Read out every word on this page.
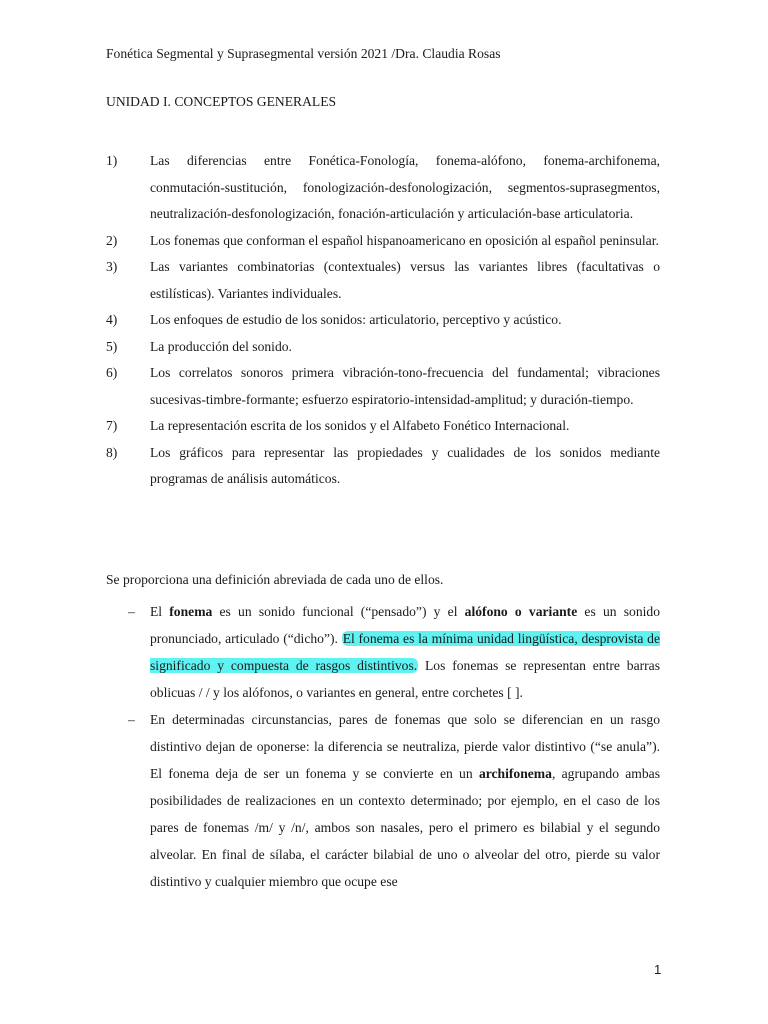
Fonética Segmental y Suprasegmental versión 2021 /Dra. Claudia Rosas
UNIDAD I. CONCEPTOS GENERALES
1) Las diferencias entre Fonética-Fonología, fonema-alófono, fonema-archifonema, conmutación-sustitución, fonologización-desfonologización, segmentos-suprasegmentos, neutralización-desfonologización, fonación-articulación y articulación-base articulatoria.
2) Los fonemas que conforman el español hispanoamericano en oposición al español peninsular.
3) Las variantes combinatorias (contextuales) versus las variantes libres (facultativas o estilísticas). Variantes individuales.
4) Los enfoques de estudio de los sonidos: articulatorio, perceptivo y acústico.
5) La producción del sonido.
6) Los correlatos sonoros primera vibración-tono-frecuencia del fundamental; vibraciones sucesivas-timbre-formante; esfuerzo espiratorio-intensidad-amplitud; y duración-tiempo.
7) La representación escrita de los sonidos y el Alfabeto Fonético Internacional.
8) Los gráficos para representar las propiedades y cualidades de los sonidos mediante programas de análisis automáticos.
Se proporciona una definición abreviada de cada uno de ellos.
– El fonema es un sonido funcional (“pensado”) y el alófono o variante es un sonido pronunciado, articulado (“dicho”). El fonema es la mínima unidad lingüística, desprovista de significado y compuesta de rasgos distintivos. Los fonemas se representan entre barras oblicuas / / y los alófonos, o variantes en general, entre corchetes [ ].
– En determinadas circunstancias, pares de fonemas que solo se diferencian en un rasgo distintivo dejan de oponerse: la diferencia se neutraliza, pierde valor distintivo (“se anula”). El fonema deja de ser un fonema y se convierte en un archifonema, agrupando ambas posibilidades de realizaciones en un contexto determinado; por ejemplo, en el caso de los pares de fonemas /m/ y /n/, ambos son nasales, pero el primero es bilabial y el segundo alveolar. En final de sílaba, el carácter bilabial de uno o alveolar del otro, pierde su valor distintivo y cualquier miembro que ocupe ese
1
